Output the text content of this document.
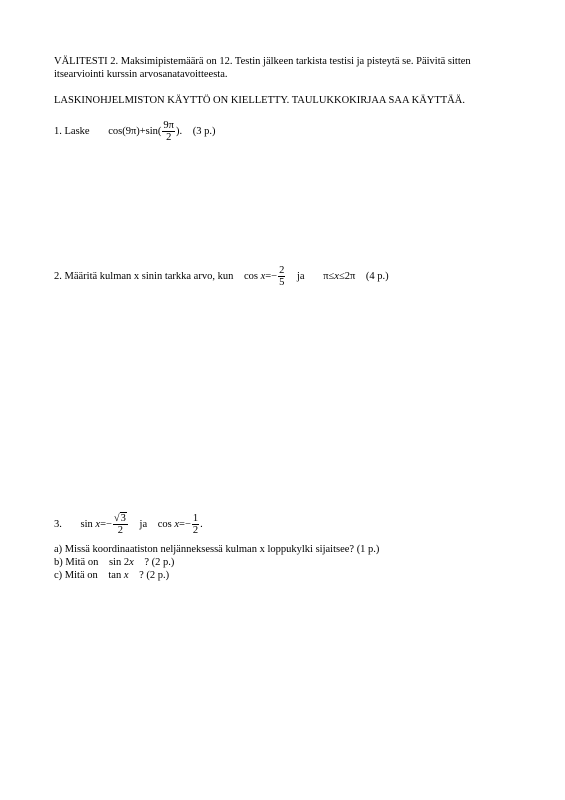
VÄLITESTI 2. Maksimipistemäärä on 12. Testin jälkeen tarkista testisi ja pisteytä se. Päivitä sitten
itsearviointi kurssin arvosanatavoitteesta.
LASKINOHJELMISTON KÄYTTÖ ON KIELLETTY. TAULUKKOKIRJAA SAA KÄYTTÄÄ.
1. Laske $\cos(9\pi)+\sin( \frac{9\pi}{2}$ ). (3 p.)
2. Määritä kulman x sinin tarkka arvo, kun $\cos x=- \frac{2}{5}$ ja π≤x≤2π (4 p.)
3. $\sin x=- \frac{√3}{2}$ ja $\cos x=- \frac{1}{2}$ .
a) Missä koordinaatiston neljänneksessä kulman x loppukylki sijaitsee? (1 p.)
b) Mitä on sin 2x ? (2 p.)
c) Mitä on tan x ? (2 p.)
